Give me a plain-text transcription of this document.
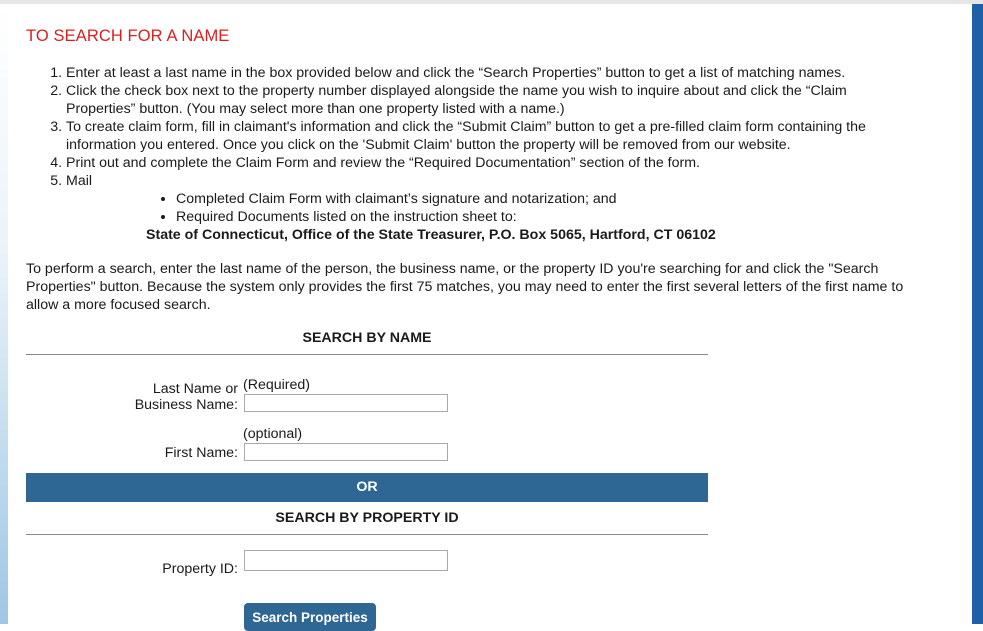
TO SEARCH FOR A NAME
1. Enter at least a last name in the box provided below and click the “Search Properties” button to get a list of matching names.
2. Click the check box next to the property number displayed alongside the name you wish to inquire about and click the “Claim Properties” button. (You may select more than one property listed with a name.)
3. To create claim form, fill in claimant's information and click the “Submit Claim” button to get a pre-filled claim form containing the information you entered. Once you click on the 'Submit Claim' button the property will be removed from our website.
4. Print out and complete the Claim Form and review the “Required Documentation” section of the form.
5. Mail
• Completed Claim Form with claimant’s signature and notarization; and
• Required Documents listed on the instruction sheet to:

State of Connecticut, Office of the State Treasurer, P.O. Box 5065, Hartford, CT 06102

To perform a search, enter the last name of the person, the business name, or the property ID you're searching for and click the "Search Properties" button. Because the system only provides the first 75 matches, you may need to enter the first several letters of the first name to allow a more focused search.

SEARCH BY NAME
Last Name or
Business Name:
(Required)
(optional)
First Name:
OR
SEARCH BY PROPERTY ID
Property ID:
Search Properties
